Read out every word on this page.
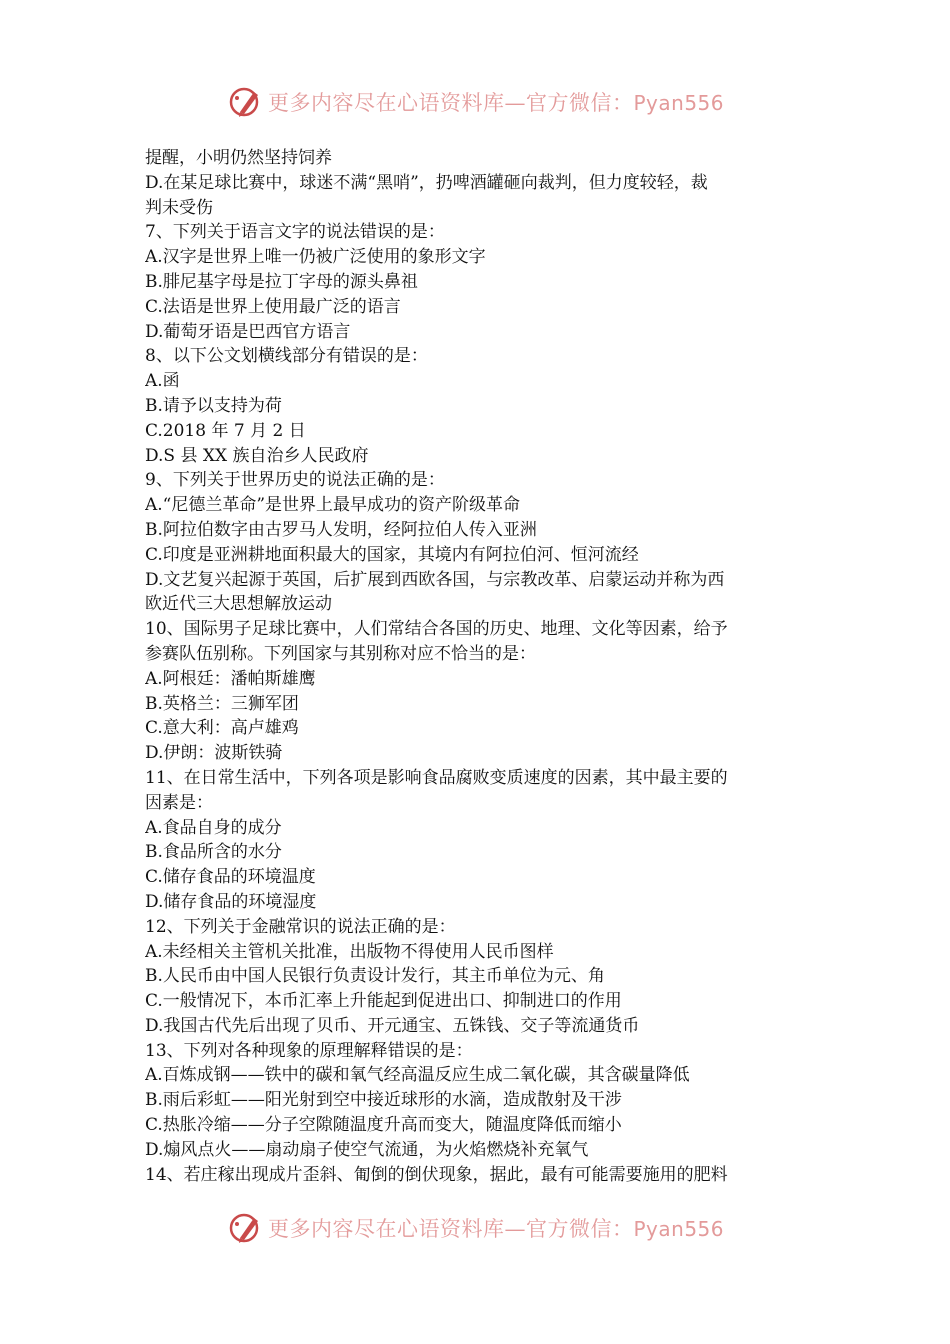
更多内容尽在心语资料库—官方微信：Pyan556
提醒，小明仍然坚持饲养
D.在某足球比赛中，球迷不满“黑哨”，扔啤酒罐砸向裁判，但力度较轻，裁
判未受伤
7、下列关于语言文字的说法错误的是：
A.汉字是世界上唯一仍被广泛使用的象形文字
B.腓尼基字母是拉丁字母的源头鼻祖
C.法语是世界上使用最广泛的语言
D.葡萄牙语是巴西官方语言
8、以下公文划横线部分有错误的是：
A.函
B.请予以支持为荷
C.2018 年 7 月 2 日
D.S 县 XX 族自治乡人民政府
9、下列关于世界历史的说法正确的是：
A.“尼德兰革命”是世界上最早成功的资产阶级革命
B.阿拉伯数字由古罗马人发明，经阿拉伯人传入亚洲
C.印度是亚洲耕地面积最大的国家，其境内有阿拉伯河、恒河流经
D.文艺复兴起源于英国，后扩展到西欧各国，与宗教改革、启蒙运动并称为西
欧近代三大思想解放运动
10、国际男子足球比赛中，人们常结合各国的历史、地理、文化等因素，给予
参赛队伍别称。下列国家与其别称对应不恰当的是：
A.阿根廷：潘帕斯雄鹰
B.英格兰：三狮军团
C.意大利：高卢雄鸡
D.伊朗：波斯铁骑
11、在日常生活中，下列各项是影响食品腐败变质速度的因素，其中最主要的
因素是：
A.食品自身的成分
B.食品所含的水分
C.储存食品的环境温度
D.储存食品的环境湿度
12、下列关于金融常识的说法正确的是：
A.未经相关主管机关批准，出版物不得使用人民币图样
B.人民币由中国人民银行负责设计发行，其主币单位为元、角
C.一般情况下，本币汇率上升能起到促进出口、抑制进口的作用
D.我国古代先后出现了贝币、开元通宝、五铢钱、交子等流通货币
13、下列对各种现象的原理解释错误的是：
A.百炼成钢——铁中的碳和氧气经高温反应生成二氧化碳，其含碳量降低
B.雨后彩虹——阳光射到空中接近球形的水滴，造成散射及干涉
C.热胀冷缩——分子空隙随温度升高而变大，随温度降低而缩小
D.煽风点火——扇动扇子使空气流通，为火焰燃烧补充氧气
14、若庄稼出现成片歪斜、匍倒的倒伏现象，据此，最有可能需要施用的肥料
更多内容尽在心语资料库—官方微信：Pyan556
